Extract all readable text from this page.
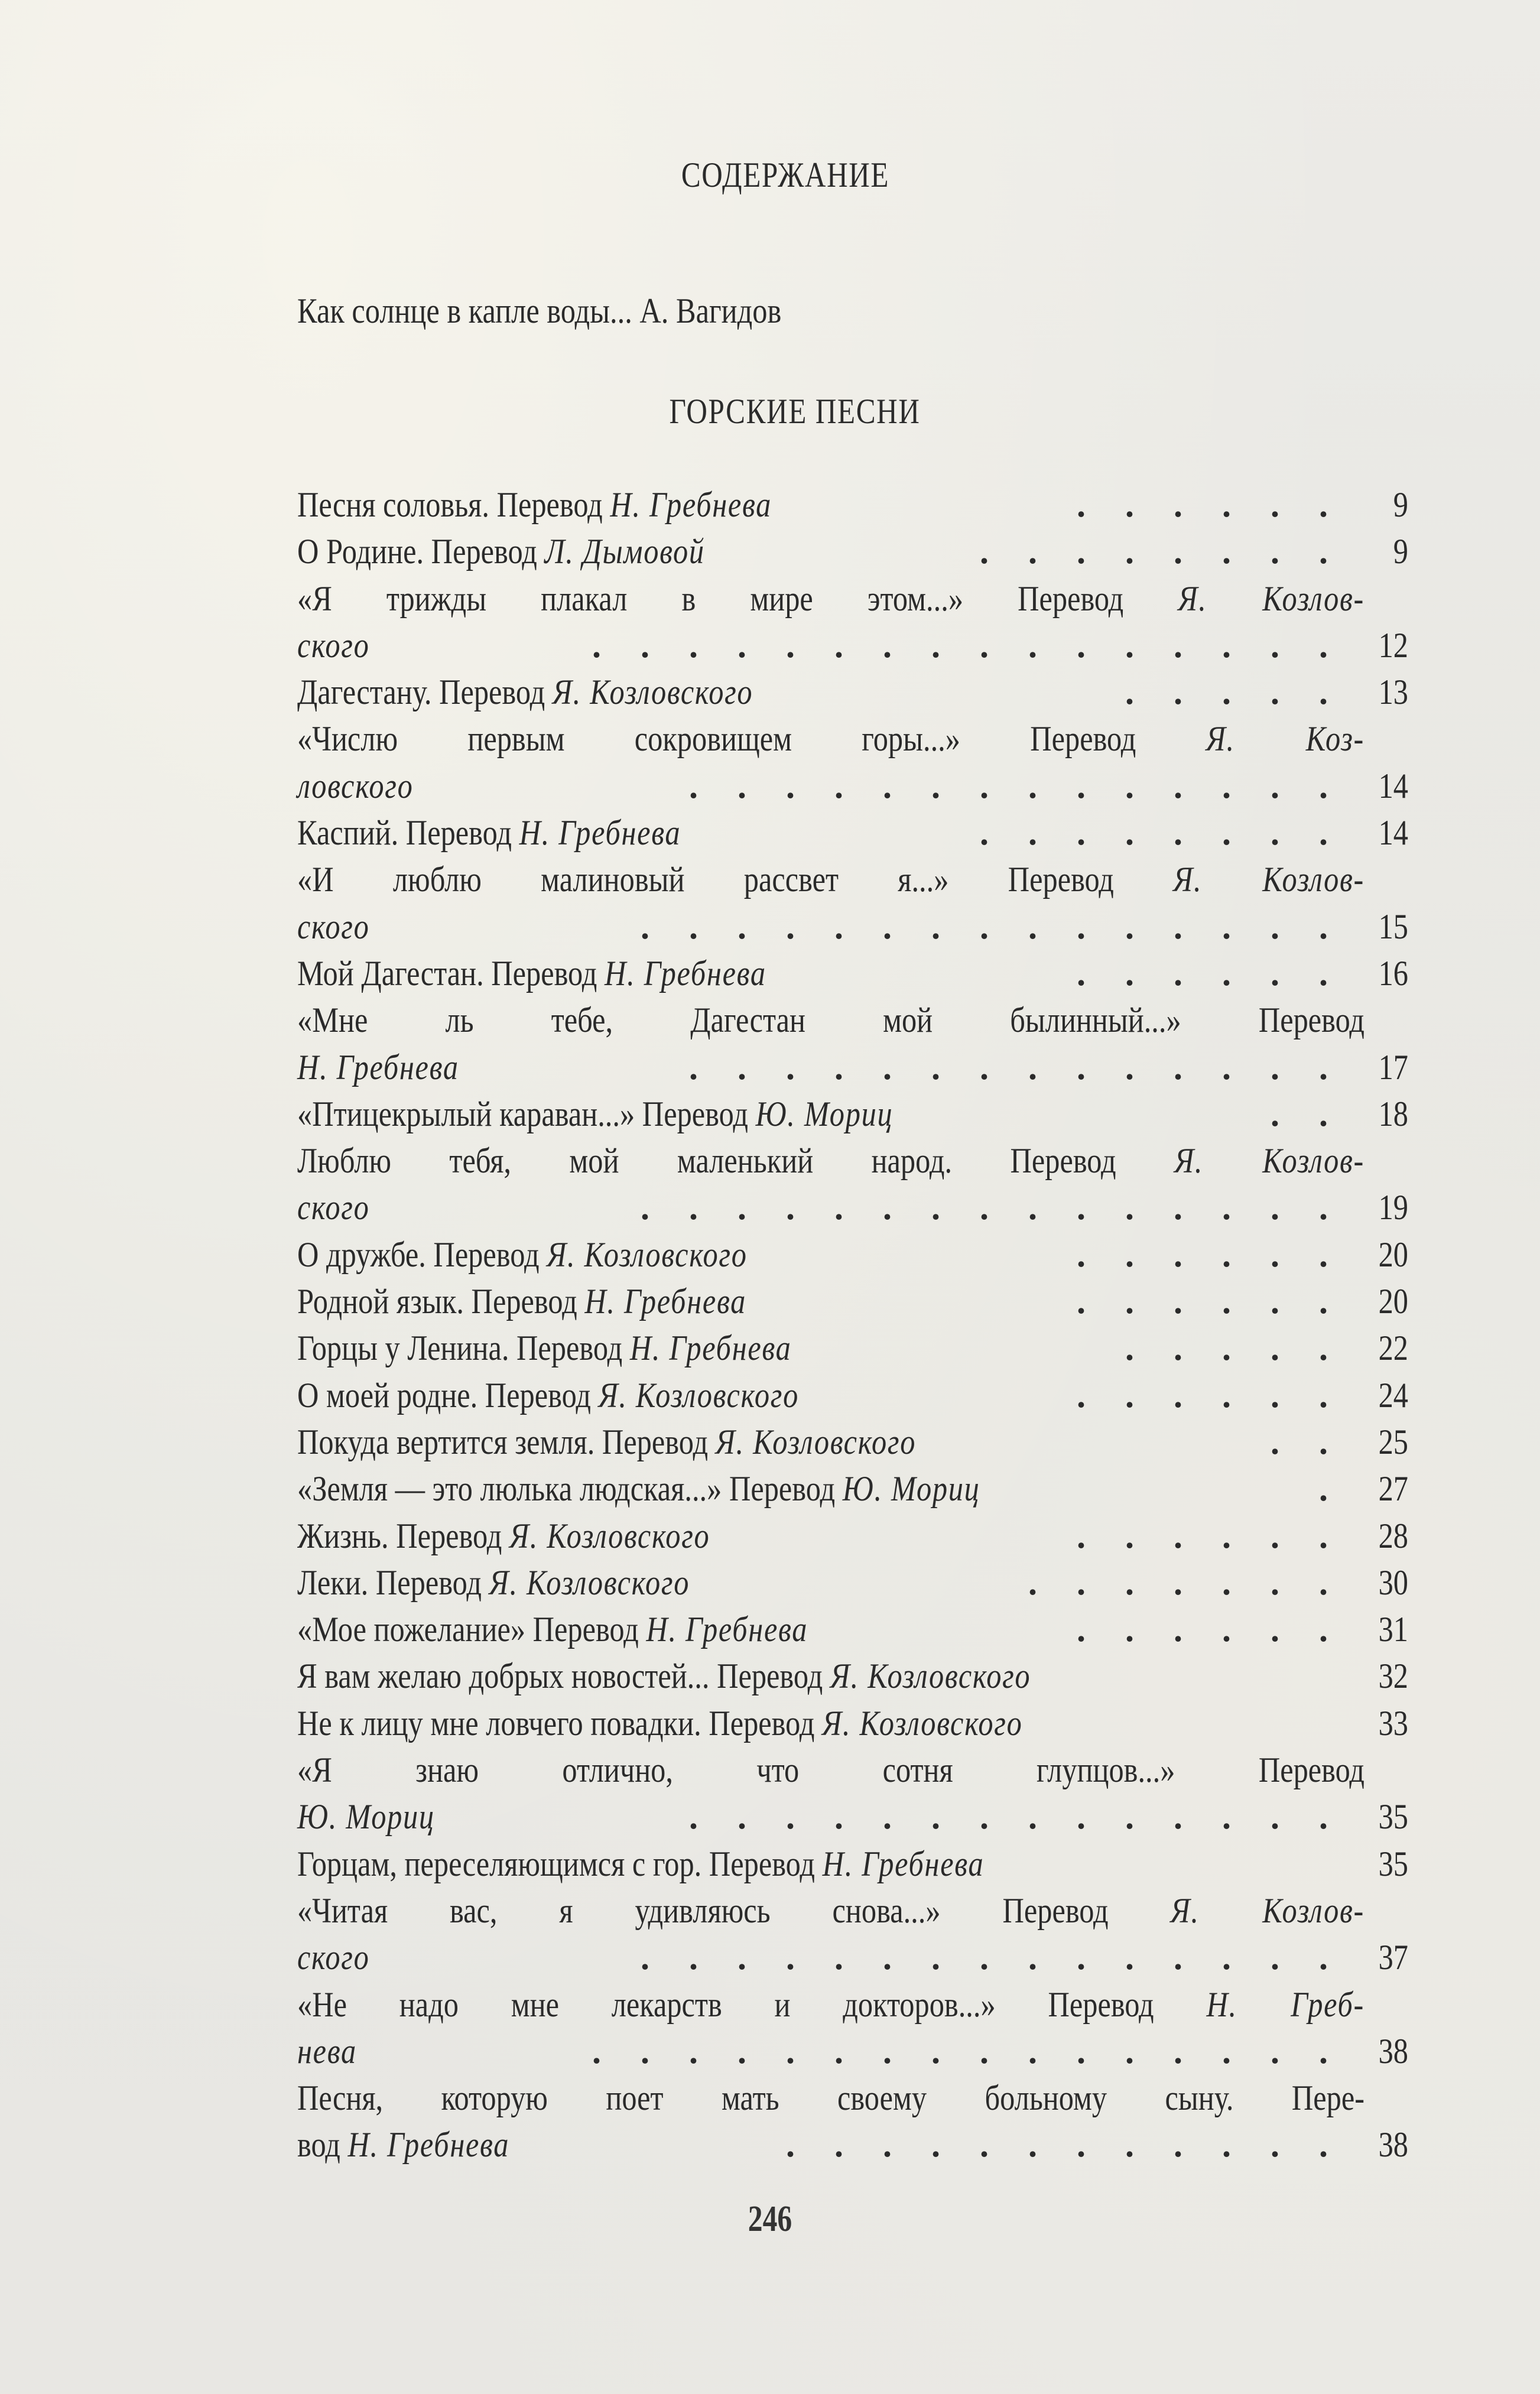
СОДЕРЖАНИЕ
Как солнце в капле воды... А. Вагидов
ГОРСКИЕ ПЕСНИ
Песня соловья. Перевод Н. Гребнева	. . . . . .	9
О Родине. Перевод Л. Дымовой	. . . . . . . .	9
«Я трижды плакал в мире этом...» Перевод Я. Козлов-
ского	. . . . . . . . . . . . . . . . 12
Дагестану. Перевод Я. Козловского	. . . . . 13
«Числю первым сокровищем горы...» Перевод Я. Коз-
ловского	. . . . . . . . . . . . . . 14
Каспий. Перевод Н. Гребнева	. . . . . . . . 14
«И люблю малиновый рассвет я...» Перевод Я. Козлов-
ского	. . . . . . . . . . . . . . . 15
Мой Дагестан. Перевод Н. Гребнева	. . . . . . 16
«Мне ль тебе, Дагестан мой былинный...» Перевод
Н. Гребнева	. . . . . . . . . . . . . . 17
«Птицекрылый караван...» Перевод Ю. Мориц	. . 18
Люблю тебя, мой маленький народ. Перевод Я. Козлов-
ского	. . . . . . . . . . . . . . . 19
О дружбе. Перевод Я. Козловского	. . . . . . 20
Родной язык. Перевод Н. Гребнева	. . . . . . 20
Горцы у Ленина. Перевод Н. Гребнева	. . . . . 22
О моей родне. Перевод Я. Козловского	. . . . . . 24
Покуда вертится земля. Перевод Я. Козловского	. . 25
«Земля — это люлька людская...» Перевод Ю. Мориц	. 27
Жизнь. Перевод Я. Козловского	. . . . . . 28
Леки. Перевод Я. Козловского	. . . . . . . 30
«Мое пожелание» Перевод Н. Гребнева	. . . . . . 31
Я вам желаю добрых новостей... Перевод Я. Козловского	32
Не к лицу мне ловчего повадки. Перевод Я. Козловского	33
«Я знаю отлично, что сотня глупцов...» Перевод
Ю. Мориц	. . . . . . . . . . . . . . 35
Горцам, переселяющимся с гор. Перевод Н. Гребнева	35
«Читая вас, я удивляюсь снова...» Перевод Я. Козлов-
ского	. . . . . . . . . . . . . . . 37
«Не надо мне лекарств и докторов...» Перевод Н. Греб-
нева	. . . . . . . . . . . . . . . . 38
Песня, которую поет мать своему больному сыну. Пере-
вод Н. Гребнева	. . . . . . . . . . . . 38
246
